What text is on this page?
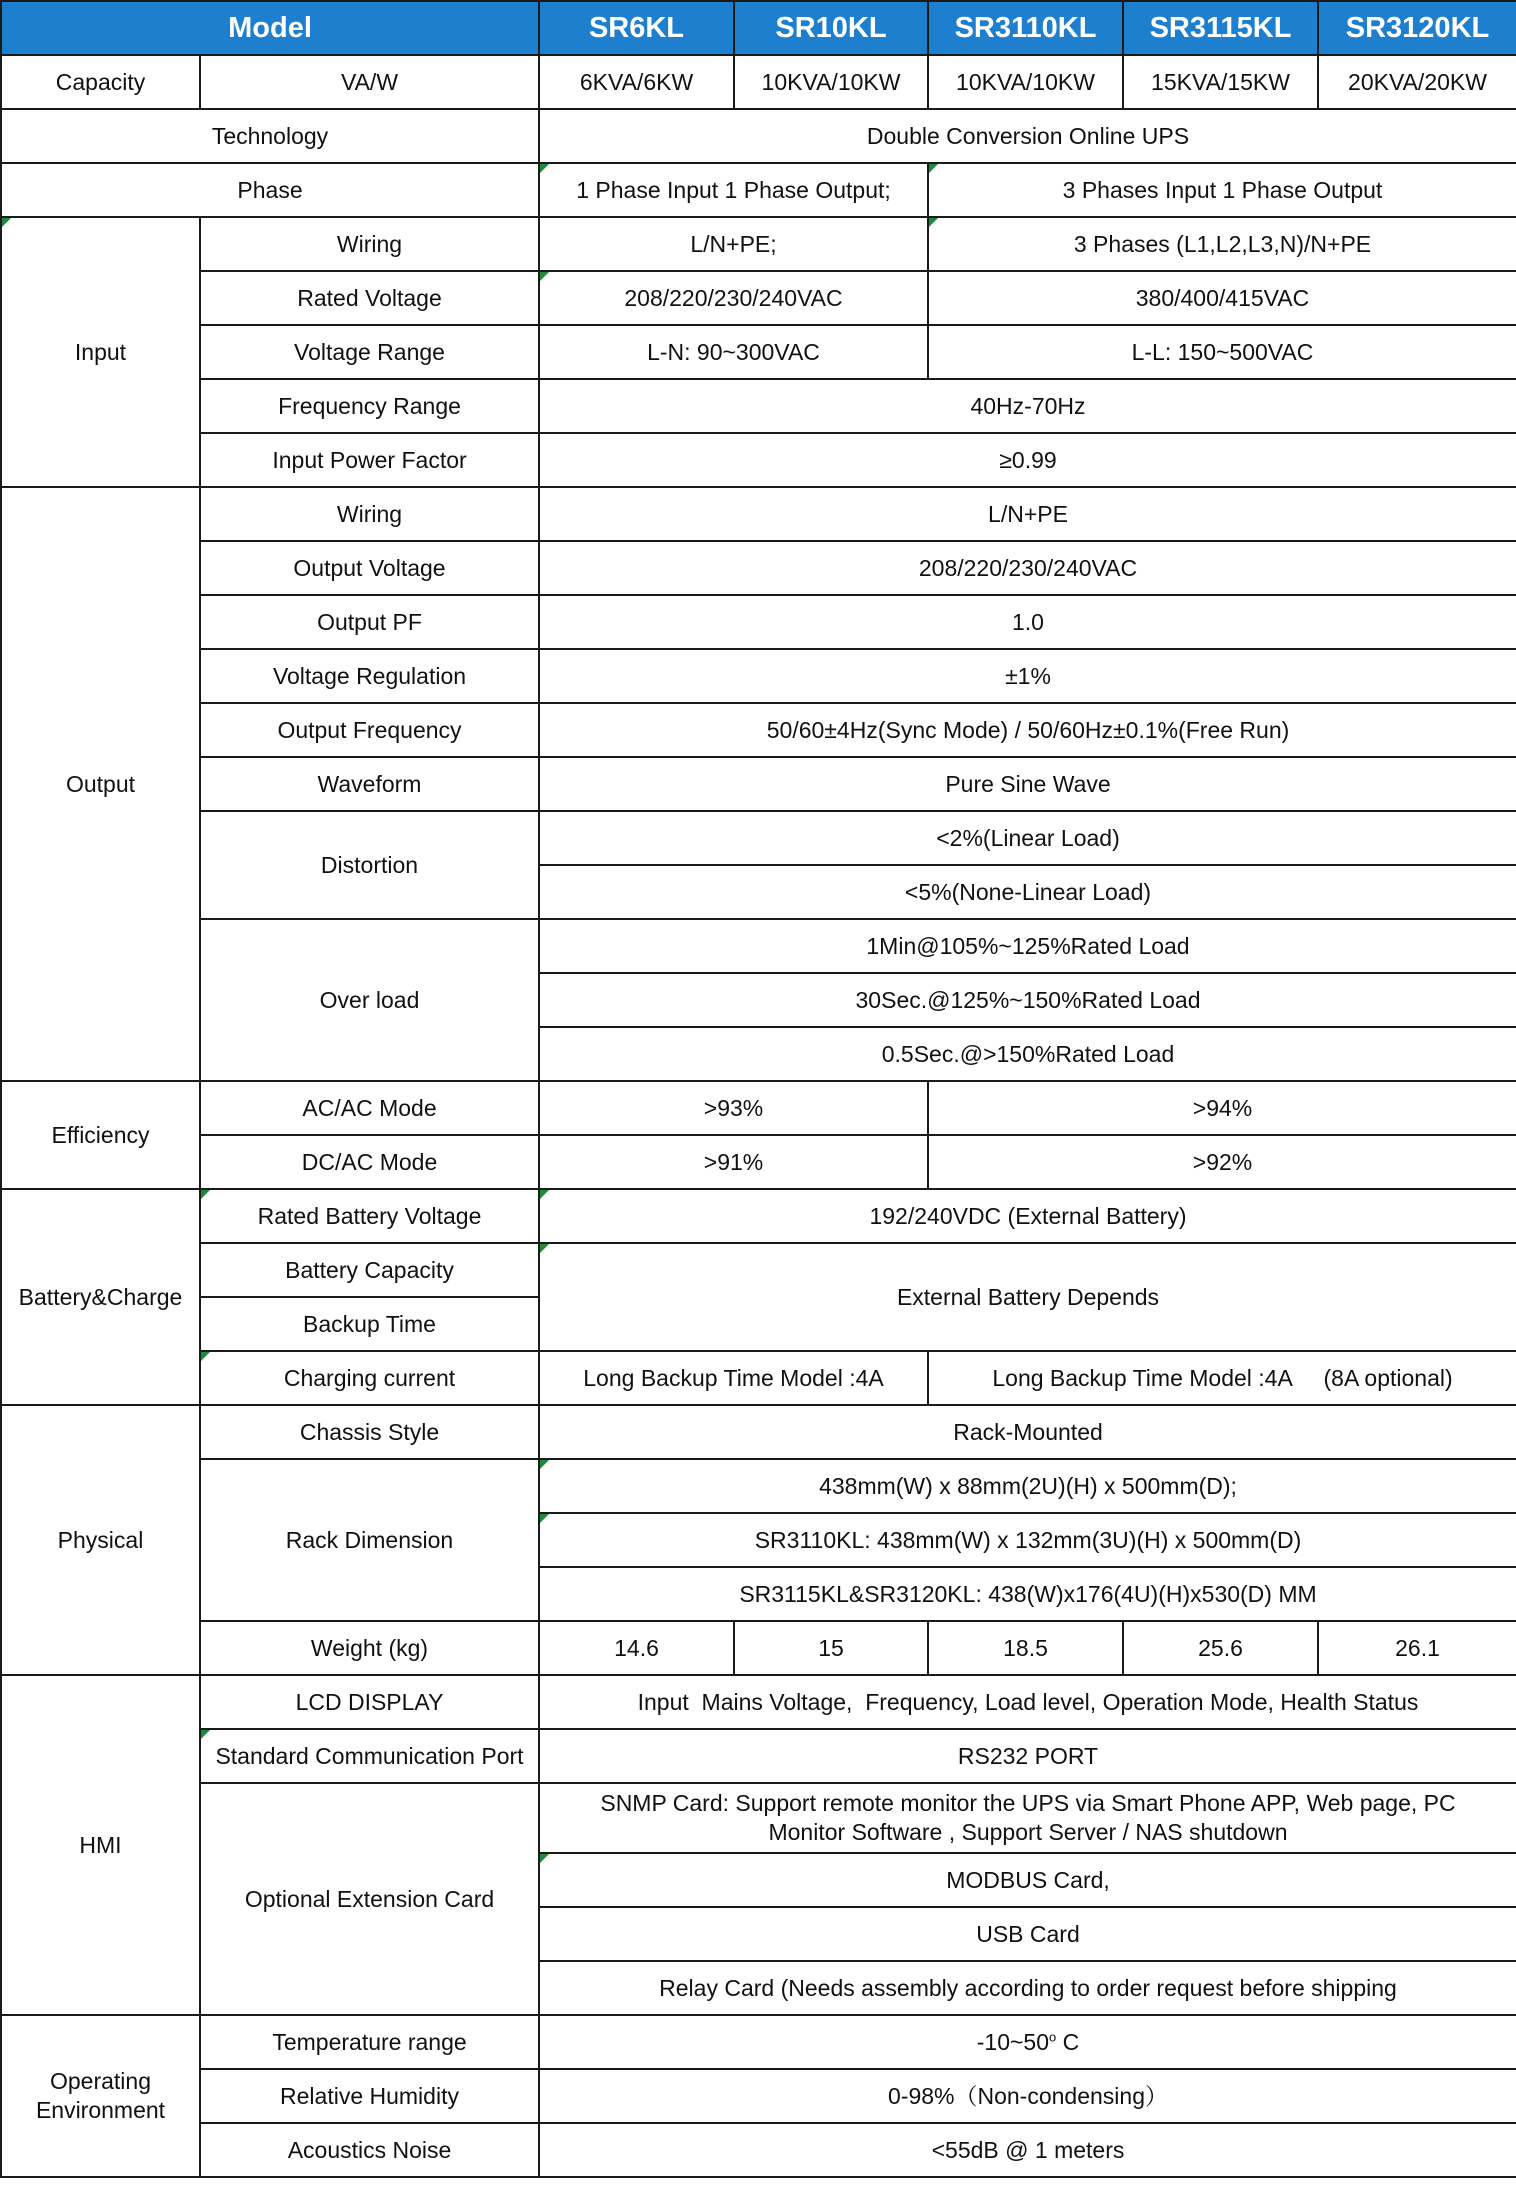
Model		SR6KL	SR10KL	SR3110KL	SR3115KL	SR3120KL
Capacity	VA/W	6KVA/6KW	10KVA/10KW	10KVA/10KW	15KVA/15KW	20KVA/20KW
Technology		Double Conversion Online UPS				
Phase		1 Phase Input 1 Phase Output;		3 Phases Input 1 Phase Output		
Input	Wiring	L/N+PE;		3 Phases (L1,L2,L3,N)/N+PE		
	Rated Voltage	208/220/230/240VAC		380/400/415VAC		
	Voltage Range	L-N: 90~300VAC		L-L: 150~500VAC		
	Frequency Range	40Hz-70Hz				
	Input Power Factor	≥0.99				
Output	Wiring	L/N+PE				
	Output Voltage	208/220/230/240VAC				
	Output PF	1.0				
	Voltage Regulation	±1%				
	Output Frequency	50/60±4Hz(Sync Mode) / 50/60Hz±0.1%(Free Run)				
	Waveform	Pure Sine Wave				
	Distortion	<2%(Linear Load)				
		<5%(None-Linear Load)				
	Over load	1Min@105%~125%Rated Load				
		30Sec.@125%~150%Rated Load				
		0.5Sec.@>150%Rated Load				
Efficiency	AC/AC Mode	>93%		>94%		
	DC/AC Mode	>91%		>92%		
Battery&Charge	Rated Battery Voltage	192/240VDC (External Battery)				
	Battery Capacity	External Battery Depends				
	Backup Time					
	Charging current	Long Backup Time Model :4A		Long Backup Time Model :4A     (8A optional)		
Physical	Chassis Style	Rack-Mounted				
	Rack Dimension	438mm(W) x 88mm(2U)(H) x 500mm(D);				
		SR3110KL: 438mm(W) x 132mm(3U)(H) x 500mm(D)				
		SR3115KL&SR3120KL: 438(W)x176(4U)(H)x530(D) MM				
	Weight (kg)	14.6	15	18.5	25.6	26.1
HMI	LCD DISPLAY	Input  Mains Voltage,  Frequency, Load level, Operation Mode, Health Status				
	Standard Communication Port	RS232 PORT				
	Optional Extension Card	SNMP Card: Support remote monitor the UPS via Smart Phone APP, Web page, PC Monitor Software , Support Server / NAS shutdown				
		MODBUS Card,				
		USB Card				
		Relay Card (Needs assembly according to order request before shipping				
Operating Environment	Temperature range	-10~50$^o$ C				
	Relative Humidity	0-98%（Non-condensing）				
	Acoustics Noise	<55dB @ 1 meters				
